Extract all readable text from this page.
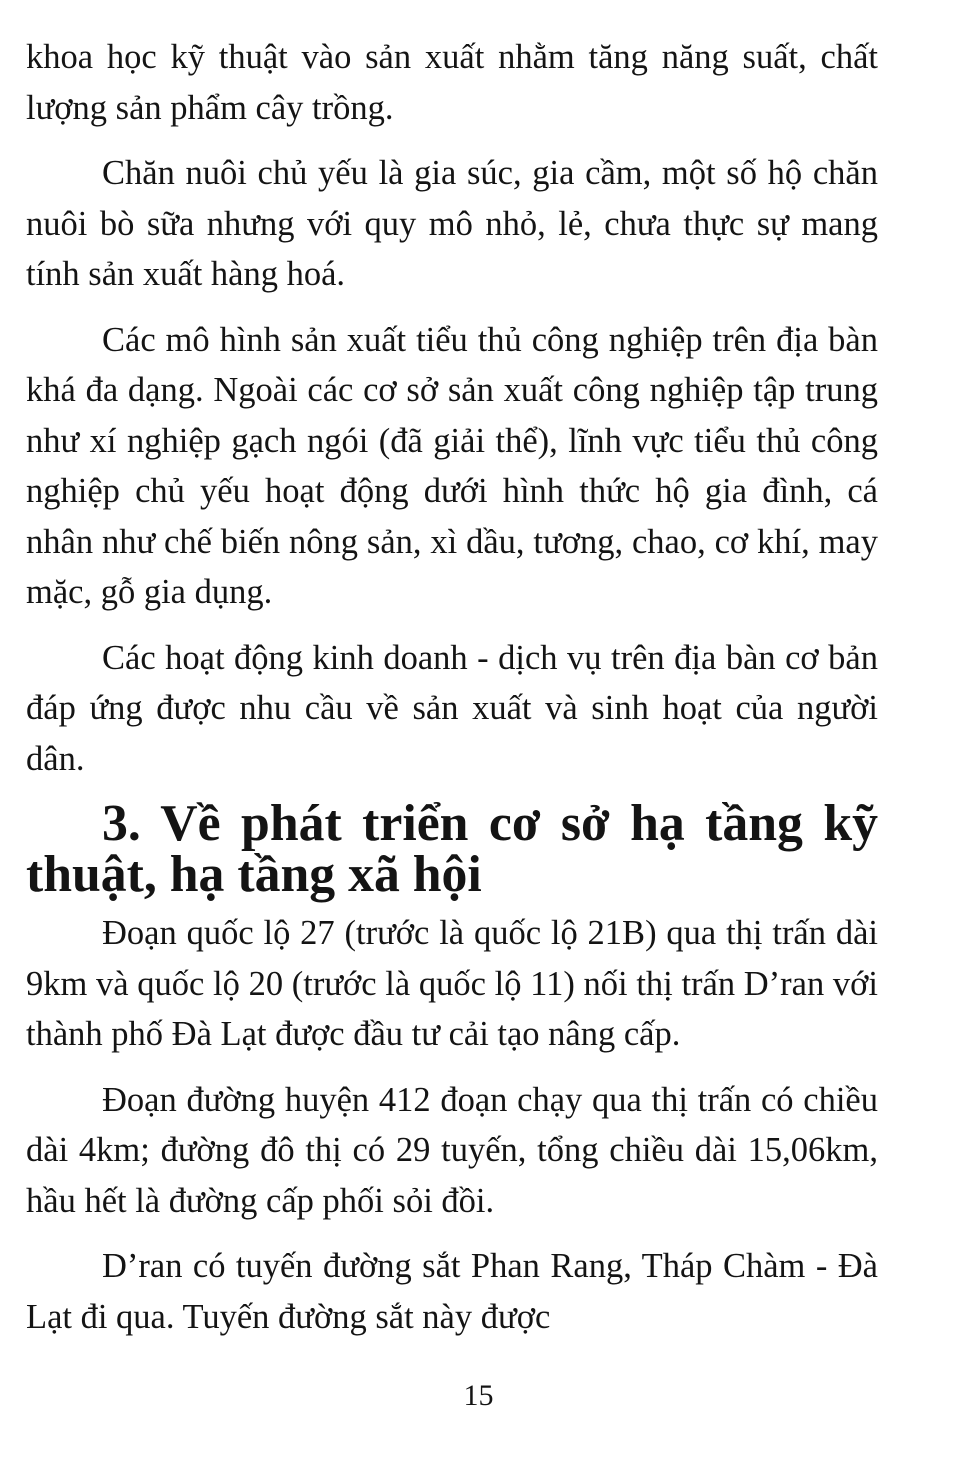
khoa học kỹ thuật vào sản xuất nhằm tăng năng suất, chất lượng sản phẩm cây trồng.

Chăn nuôi chủ yếu là gia súc, gia cầm, một số hộ chăn nuôi bò sữa nhưng với quy mô nhỏ, lẻ, chưa thực sự mang tính sản xuất hàng hoá.

Các mô hình sản xuất tiểu thủ công nghiệp trên địa bàn khá đa dạng. Ngoài các cơ sở sản xuất công nghiệp tập trung như xí nghiệp gạch ngói (đã giải thể), lĩnh vực tiểu thủ công nghiệp chủ yếu hoạt động dưới hình thức hộ gia đình, cá nhân như chế biến nông sản, xì dầu, tương, chao, cơ khí, may mặc, gỗ gia dụng.

Các hoạt động kinh doanh - dịch vụ trên địa bàn cơ bản đáp ứng được nhu cầu về sản xuất và sinh hoạt của người dân.

3. Về phát triển cơ sở hạ tầng kỹ thuật, hạ tầng xã hội

Đoạn quốc lộ 27 (trước là quốc lộ 21B) qua thị trấn dài 9km và quốc lộ 20 (trước là quốc lộ 11) nối thị trấn D’ran với thành phố Đà Lạt được đầu tư cải tạo nâng cấp.

Đoạn đường huyện 412 đoạn chạy qua thị trấn có chiều dài 4km; đường đô thị có 29 tuyến, tổng chiều dài 15,06km, hầu hết là đường cấp phối sỏi đồi.

D’ran có tuyến đường sắt Phan Rang, Tháp Chàm - Đà Lạt đi qua. Tuyến đường sắt này được

15
